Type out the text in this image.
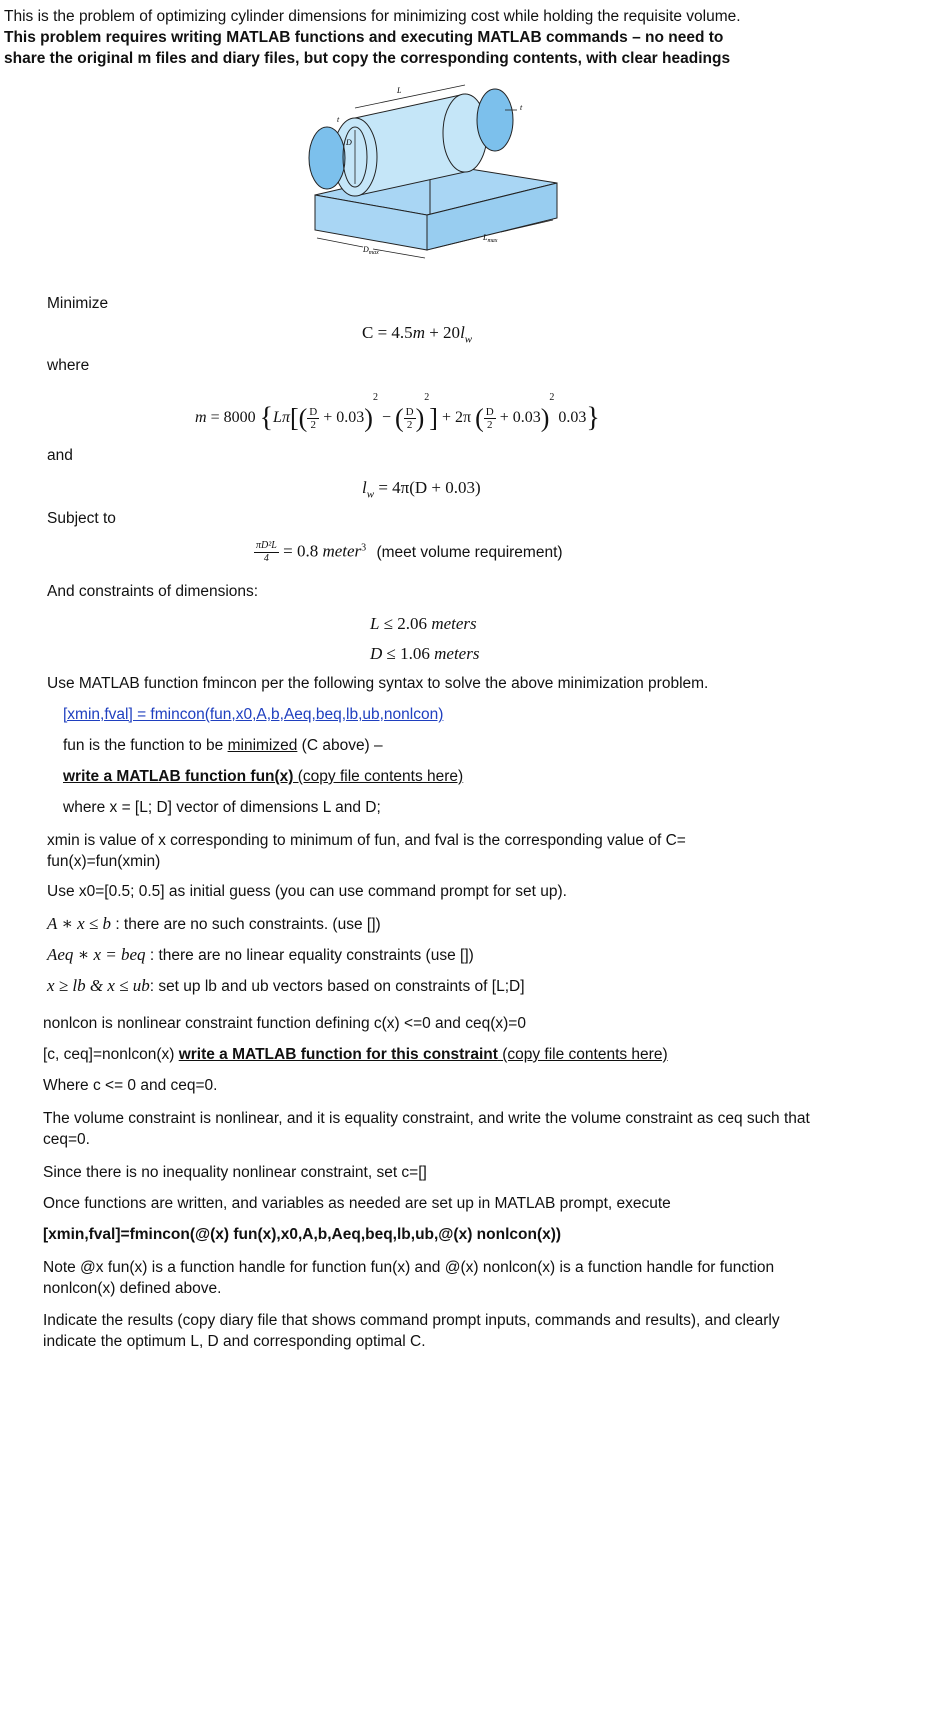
This is the problem of optimizing cylinder dimensions for minimizing cost while holding the requisite volume. This problem requires writing MATLAB functions and executing MATLAB commands – no need to share the original m files and diary files, but copy the corresponding contents, with clear headings
L
t
t
D
$D_{max}$
$L_{max}$
Minimize
$C = 4.5m + 20l_w$
where
m = 8000 {$L\pi[( \frac{D}{2} + 0.03)^2$ − ( $\frac{D}{2} )^2] + 2\pi$ ( $\frac{D}{2} + 0.03)^2$ 0.03}
and
$l_w = 4\pi(D + 0.03)$
Subject to
$\frac{\text{πD²L}}{4} = 0.8$ meter$^3$ (meet volume requirement)
And constraints of dimensions:
L ≤ 2.06 meters
D ≤ 1.06 meters
Use MATLAB function fmincon per the following syntax to solve the above minimization problem.
[xmin,fval] = fmincon(fun,x0,A,b,Aeq,beq,lb,ub,nonlcon)
fun is the function to be minimized (C above) –
write a MATLAB function fun(x) (copy file contents here)
where x = [L; D] vector of dimensions L and D;
xmin is value of x corresponding to minimum of fun, and fval is the corresponding value of C= fun(x)=fun(xmin)
Use x0=[0.5; 0.5] as initial guess (you can use command prompt for set up).
A ∗ x ≤ b : there are no such constraints. (use [])
Aeq ∗ x = beq : there are no linear equality constraints (use [])
x ≥ lb & x ≤ ub: set up lb and ub vectors based on constraints of [L;D]
nonlcon is nonlinear constraint function defining c(x) <=0 and ceq(x)=0
[c, ceq]=nonlcon(x) write a MATLAB function for this constraint (copy file contents here)
Where c <= 0 and ceq=0.
The volume constraint is nonlinear, and it is equality constraint, and write the volume constraint as ceq such that ceq=0.
Since there is no inequality nonlinear constraint, set c=[]
Once functions are written, and variables as needed are set up in MATLAB prompt, execute
[xmin,fval]=fmincon(@(x) fun(x),x0,A,b,Aeq,beq,lb,ub,@(x) nonlcon(x))
Note @x fun(x) is a function handle for function fun(x) and @(x) nonlcon(x) is a function handle for function nonlcon(x) defined above.
Indicate the results (copy diary file that shows command prompt inputs, commands and results), and clearly indicate the optimum L, D and corresponding optimal C.
